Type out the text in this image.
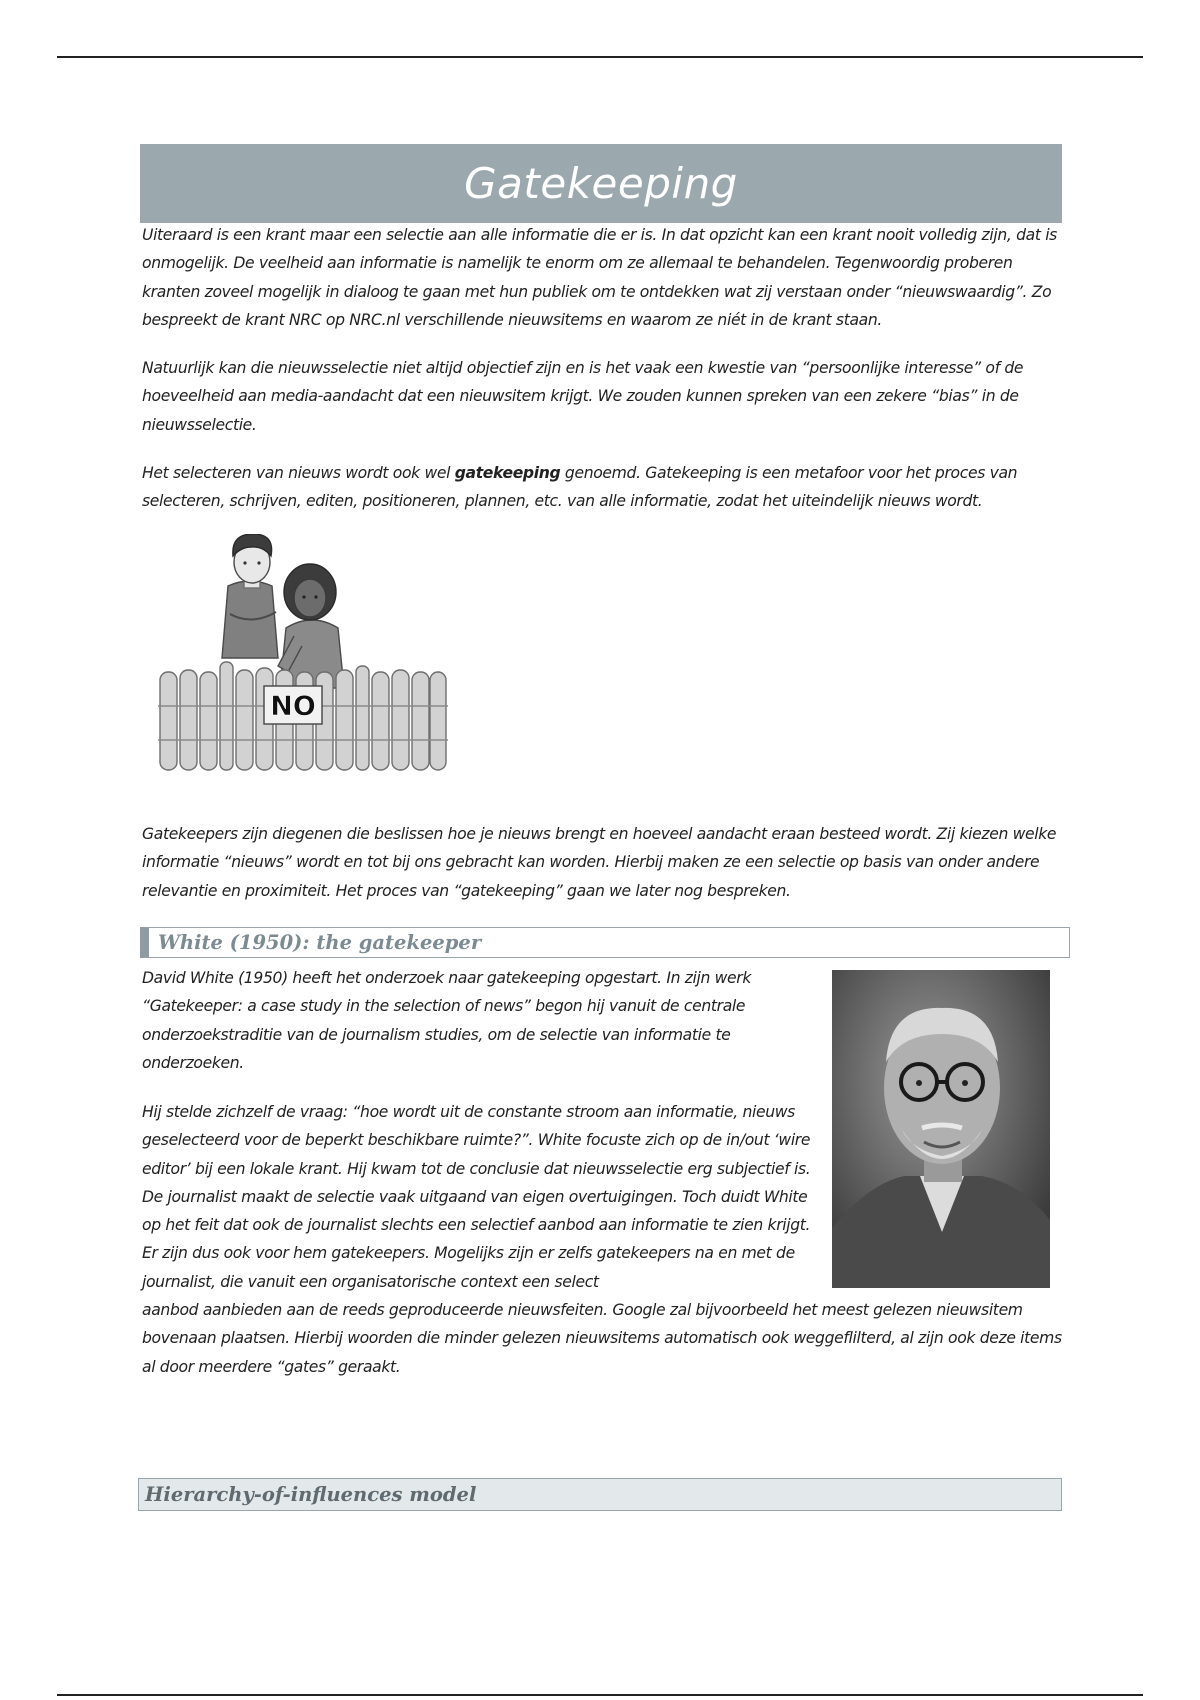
Gatekeeping

Uiteraard is een krant maar een selectie aan alle informatie die er is. In dat opzicht kan een krant nooit volledig zijn, dat is onmogelijk. De veelheid aan informatie is namelijk te enorm om ze allemaal te behandelen. Tegenwoordig proberen kranten zoveel mogelijk in dialoog te gaan met hun publiek om te ontdekken wat zij verstaan onder “nieuwswaardig”. Zo bespreekt de krant NRC op NRC.nl verschillende nieuwsitems en waarom ze niét in de krant staan.

Natuurlijk kan die nieuwsselectie niet altijd objectief zijn en is het vaak een kwestie van “persoonlijke interesse” of de hoeveelheid aan media-aandacht dat een nieuwsitem krijgt. We zouden kunnen spreken van een zekere “bias” in de nieuwsselectie.

Het selecteren van nieuws wordt ook wel gatekeeping genoemd. Gatekeeping is een metafoor voor het proces van selecteren, schrijven, editen, positioneren, plannen, etc. van alle informatie, zodat het uiteindelijk nieuws wordt.

NO

Gatekeepers zijn diegenen die beslissen hoe je nieuws brengt en hoeveel aandacht eraan besteed wordt. Zij kiezen welke informatie “nieuws” wordt en tot bij ons gebracht kan worden. Hierbij maken ze een selectie op basis van onder andere relevantie en proximiteit. Het proces van “gatekeeping” gaan we later nog bespreken.

White (1950): the gatekeeper

David White (1950) heeft het onderzoek naar gatekeeping opgestart. In zijn werk “Gatekeeper: a case study in the selection of news” begon hij vanuit de centrale onderzoekstraditie van de journalism studies, om de selectie van informatie te onderzoeken.

Hij stelde zichzelf de vraag: “hoe wordt uit de constante stroom aan informatie, nieuws geselecteerd voor de beperkt beschikbare ruimte?”. White focuste zich op de in/out ‘wire editor’ bij een lokale krant. Hij kwam tot de conclusie dat nieuwsselectie erg subjectief is. De journalist maakt de selectie vaak uitgaand van eigen overtuigingen. Toch duidt White op het feit dat ook de journalist slechts een selectief aanbod aan informatie te zien krijgt. Er zijn dus ook voor hem gatekeepers. Mogelijks zijn er zelfs gatekeepers na en met de journalist, die vanuit een organisatorische context een select

aanbod aanbieden aan de reeds geproduceerde nieuwsfeiten. Google zal bijvoorbeeld het meest gelezen nieuwsitem bovenaan plaatsen. Hierbij woorden die minder gelezen nieuwsitems automatisch ook weggeflilterd, al zijn ook deze items al door meerdere “gates” geraakt.

Hierarchy-of-influences model
